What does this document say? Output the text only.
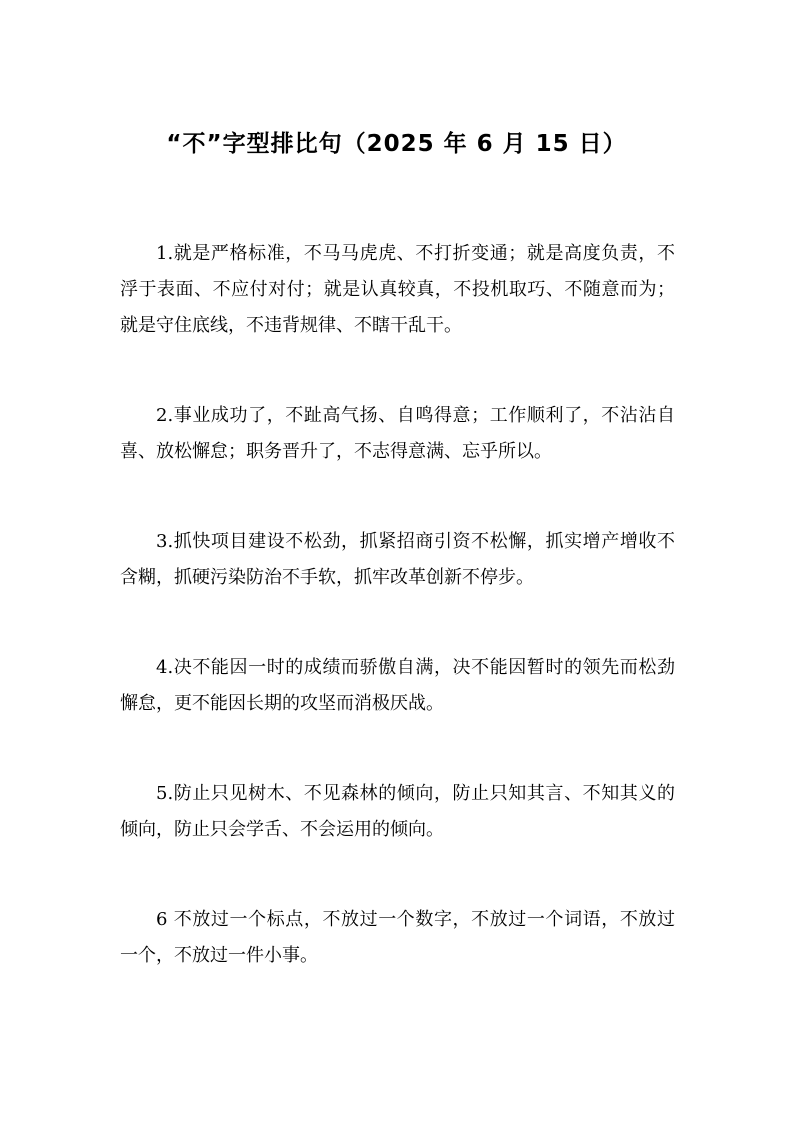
“不”字型排比句（2025 年 6 月 15 日）

1.就是严格标准，不马马虎虎、不打折变通；就是高度负责，不浮于表面、不应付对付；就是认真较真，不投机取巧、不随意而为；就是守住底线，不违背规律、不瞎干乱干。

2.事业成功了，不趾高气扬、自鸣得意；工作顺利了，不沾沾自喜、放松懈怠；职务晋升了，不志得意满、忘乎所以。

3.抓快项目建设不松劲，抓紧招商引资不松懈，抓实增产增收不含糊，抓硬污染防治不手软，抓牢改革创新不停步。

4.决不能因一时的成绩而骄傲自满，决不能因暂时的领先而松劲懈怠，更不能因长期的攻坚而消极厌战。

5.防止只见树木、不见森林的倾向，防止只知其言、不知其义的倾向，防止只会学舌、不会运用的倾向。

6 不放过一个标点，不放过一个数字，不放过一个词语，不放过一个，不放过一件小事。
